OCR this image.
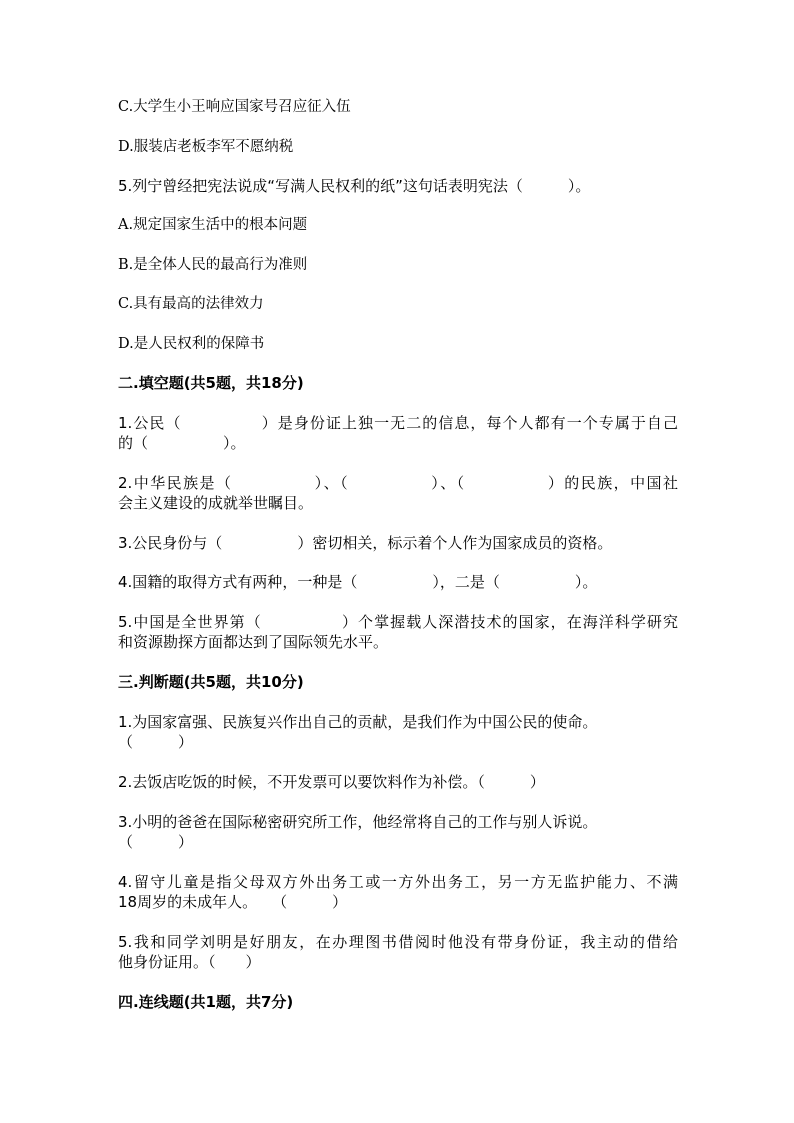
C.大学生小王响应国家号召应征入伍
D.服装店老板李军不愿纳税
5.列宁曾经把宪法说成“写满人民权利的纸”这句话表明宪法（　　　）。
A.规定国家生活中的根本问题
B.是全体人民的最高行为准则
C.具有最高的法律效力
D.是人民权利的保障书
二.填空题(共5题，共18分)
1.公民（　　　　　）是身份证上独一无二的信息，每个人都有一个专属于自己
的（　　　　　）。
2.中华民族是（　　　　　）、（　　　　　）、（　　　　　）的民族，中国社
会主义建设的成就举世瞩目。
3.公民身份与（　　　　　）密切相关，标示着个人作为国家成员的资格。
4.国籍的取得方式有两种，一种是（　　　　　），二是（　　　　　）。
5.中国是全世界第（　　　　　）个掌握载人深潜技术的国家，在海洋科学研究
和资源勘探方面都达到了国际领先水平。
三.判断题(共5题，共10分)
1.为国家富强、民族复兴作出自己的贡献，是我们作为中国公民的使命。
（　　　）
2.去饭店吃饭的时候，不开发票可以要饮料作为补偿。（　　　）
3.小明的爸爸在国际秘密研究所工作，他经常将自己的工作与别人诉说。
（　　　）
4.留守儿童是指父母双方外出务工或一方外出务工，另一方无监护能力、不满
18周岁的未成年人。　　（　　　）
5.我和同学刘明是好朋友，在办理图书借阅时他没有带身份证，我主动的借给
他身份证用。（　　）
四.连线题(共1题，共7分)
